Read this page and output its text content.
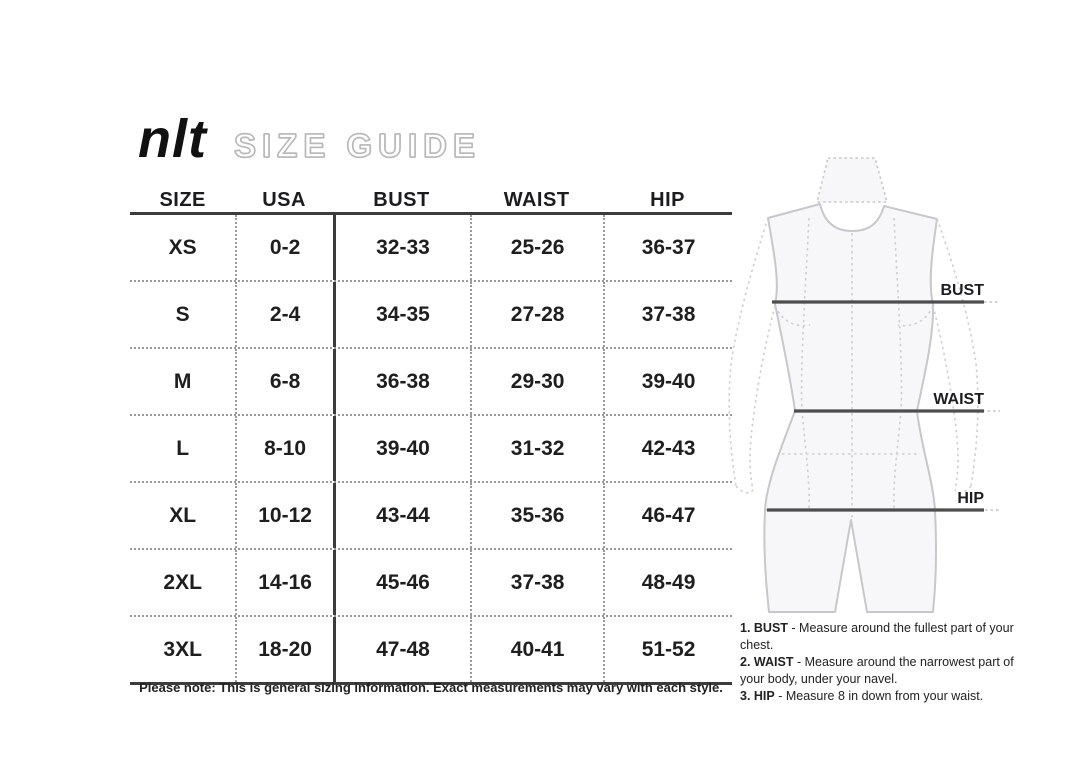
nlt SIZE GUIDE
SIZE	USA	BUST	WAIST	HIP
XS	0-2	32-33	25-26	36-37
S	2-4	34-35	27-28	37-38
M	6-8	36-38	29-30	39-40
L	8-10	39-40	31-32	42-43
XL	10-12	43-44	35-36	46-47
2XL	14-16	45-46	37-38	48-49
3XL	18-20	47-48	40-41	51-52
Please note: This is general sizing information. Exact measurements may vary with each style.
BUST
WAIST
HIP
1. BUST - Measure around the fullest part of your chest.
2. WAIST - Measure around the narrowest part of your body, under your navel.
3. HIP - Measure 8 in down from your waist.
